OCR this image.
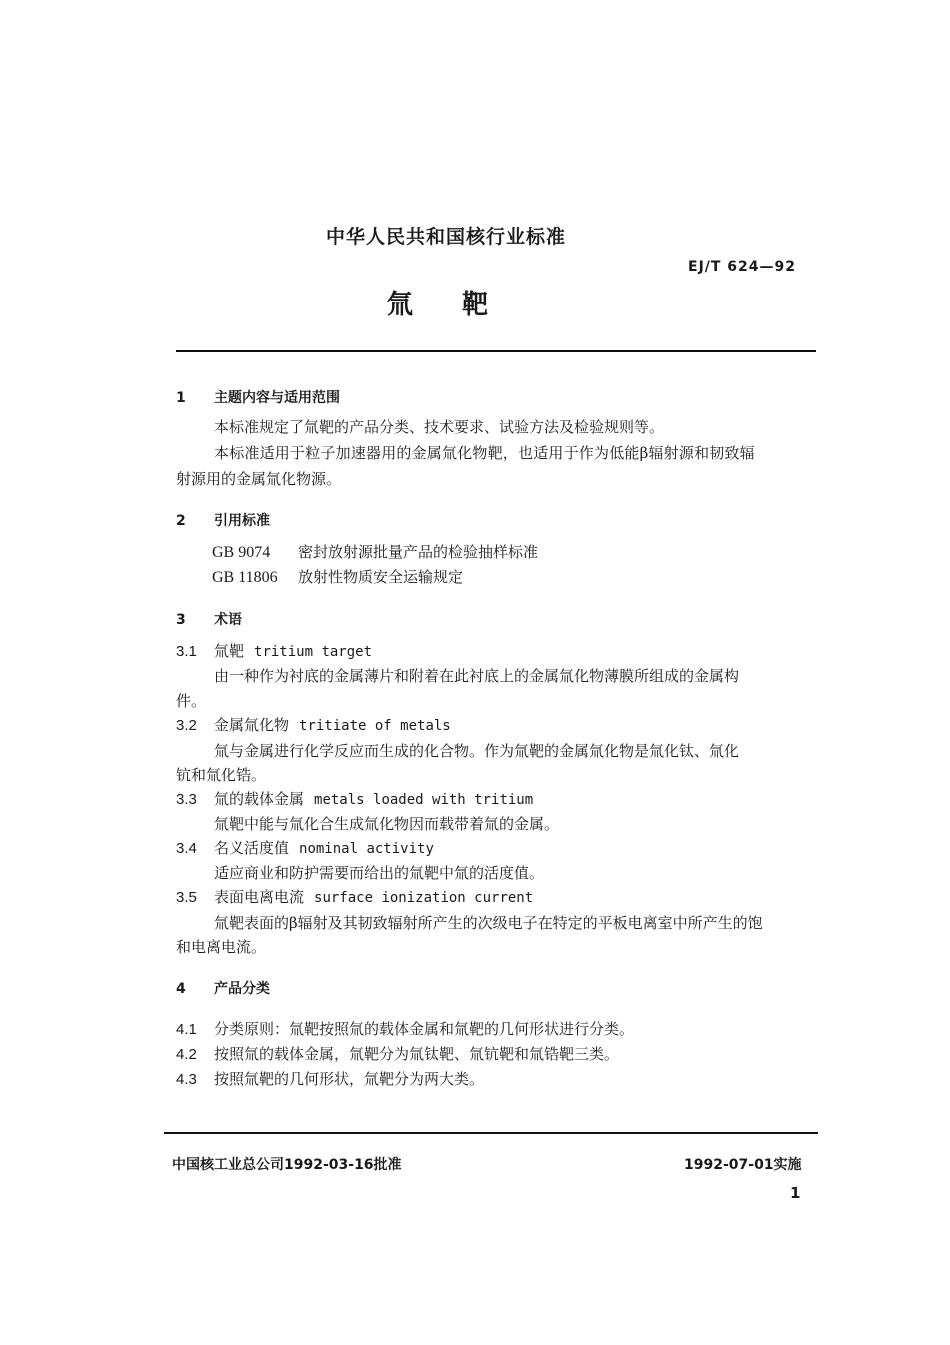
中华人民共和国核行业标准
EJ/T 624—92
氚 靶
1 主题内容与适用范围
本标准规定了氚靶的产品分类、技术要求、试验方法及检验规则等。
本标准适用于粒子加速器用的金属氚化物靶，也适用于作为低能β辐射源和韧致辐
射源用的金属氚化物源。
2 引用标准
GB 9074 密封放射源批量产品的检验抽样标准
GB 11806 放射性物质安全运输规定
3 术语
3.1 氚靶 tritium target
由一种作为衬底的金属薄片和附着在此衬底上的金属氚化物薄膜所组成的金属构
件。
3.2 金属氚化物 tritiate of metals
氚与金属进行化学反应而生成的化合物。作为氚靶的金属氚化物是氚化钛、氚化
钪和氚化锆。
3.3 氚的载体金属 metals loaded with tritium
氚靶中能与氚化合生成氚化物因而载带着氚的金属。
3.4 名义活度值 nominal activity
适应商业和防护需要而给出的氚靶中氚的活度值。
3.5 表面电离电流 surface ionization current
氚靶表面的β辐射及其韧致辐射所产生的次级电子在特定的平板电离室中所产生的饱
和电离电流。
4 产品分类
4.1 分类原则：氚靶按照氚的载体金属和氚靶的几何形状进行分类。
4.2 按照氚的载体金属，氚靶分为氚钛靶、氚钪靶和氚锆靶三类。
4.3 按照氚靶的几何形状，氚靶分为两大类。
中国核工业总公司1992-03-16批准	1992-07-01实施
1
